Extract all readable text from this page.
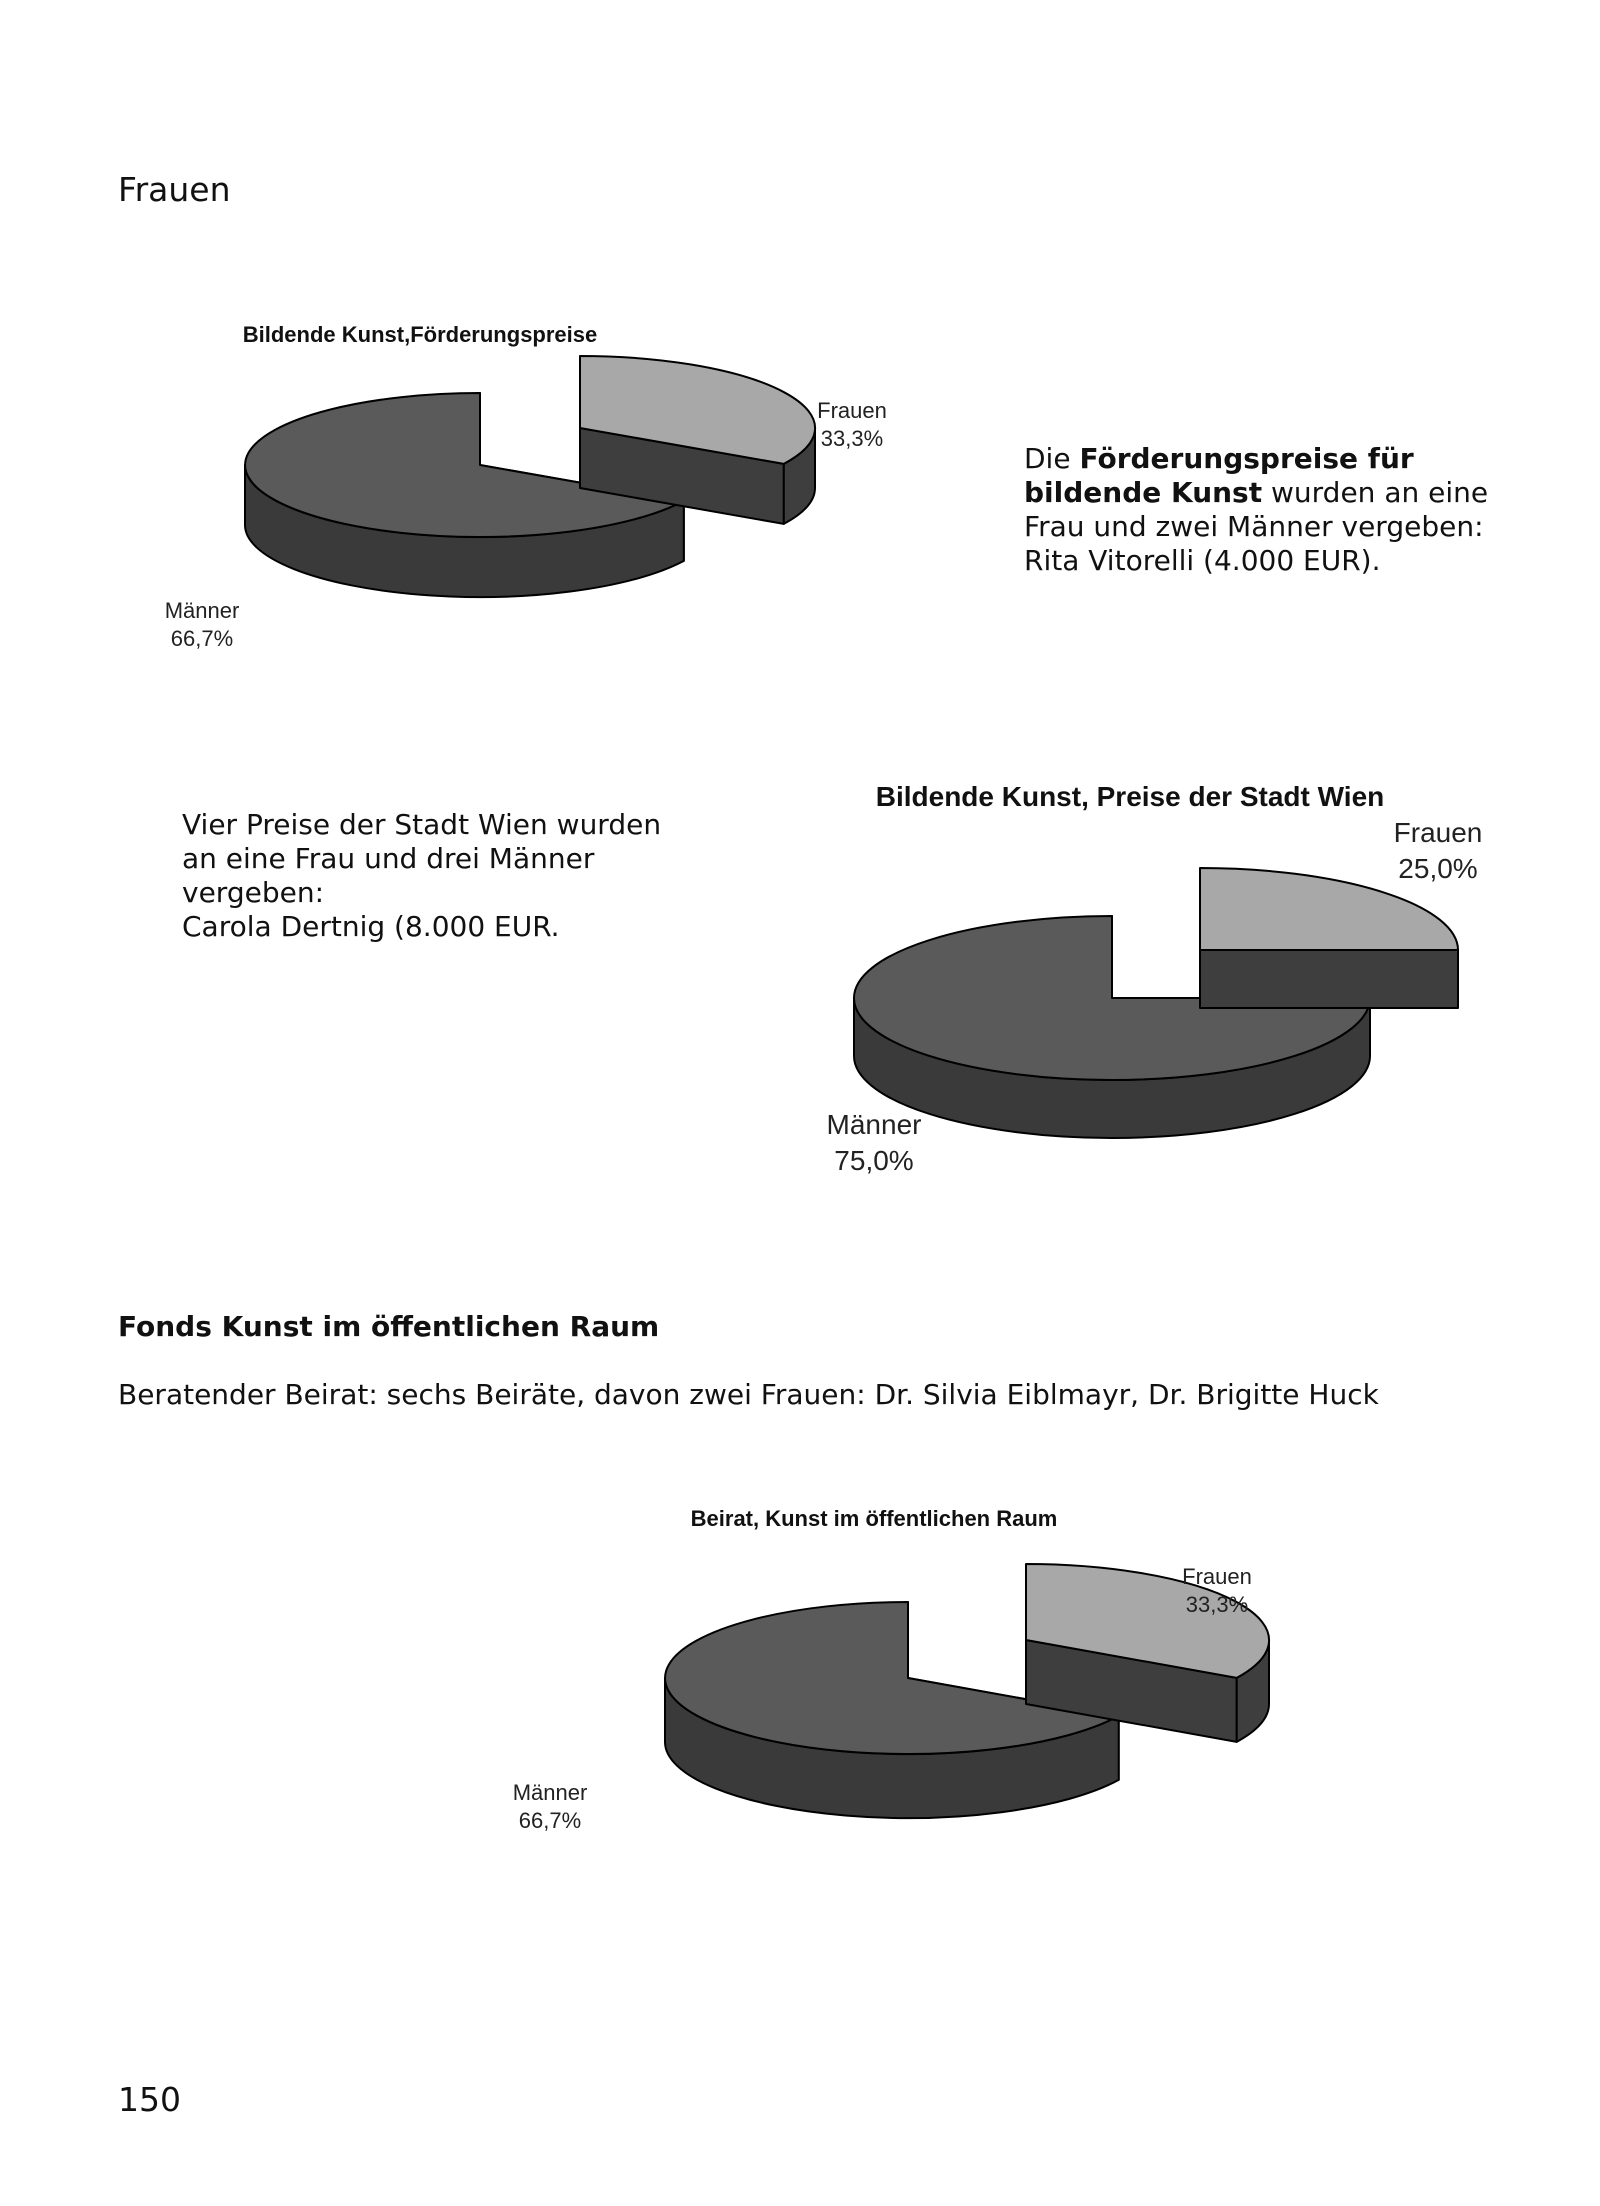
Frauen
Die Förderungspreise für bildende Kunst wurden an eine Frau und zwei Männer vergeben: Rita Vitorelli (4.000 EUR).
Vier Preise der Stadt Wien wurden an eine Frau und drei Männer vergeben:
Carola Dertnig (8.000 EUR.
Fonds Kunst im öffentlichen Raum
Beratender Beirat: sechs Beiräte, davon zwei Frauen: Dr. Silvia Eiblmayr, Dr. Brigitte Huck
150
Bildende Kunst,Förderungspreise
Frauen
33,3%
Männer
66,7%
Bildende Kunst, Preise der Stadt Wien
Frauen
25,0%
Männer
75,0%
Beirat, Kunst im öffentlichen Raum
Frauen
33,3%
Männer
66,7%
